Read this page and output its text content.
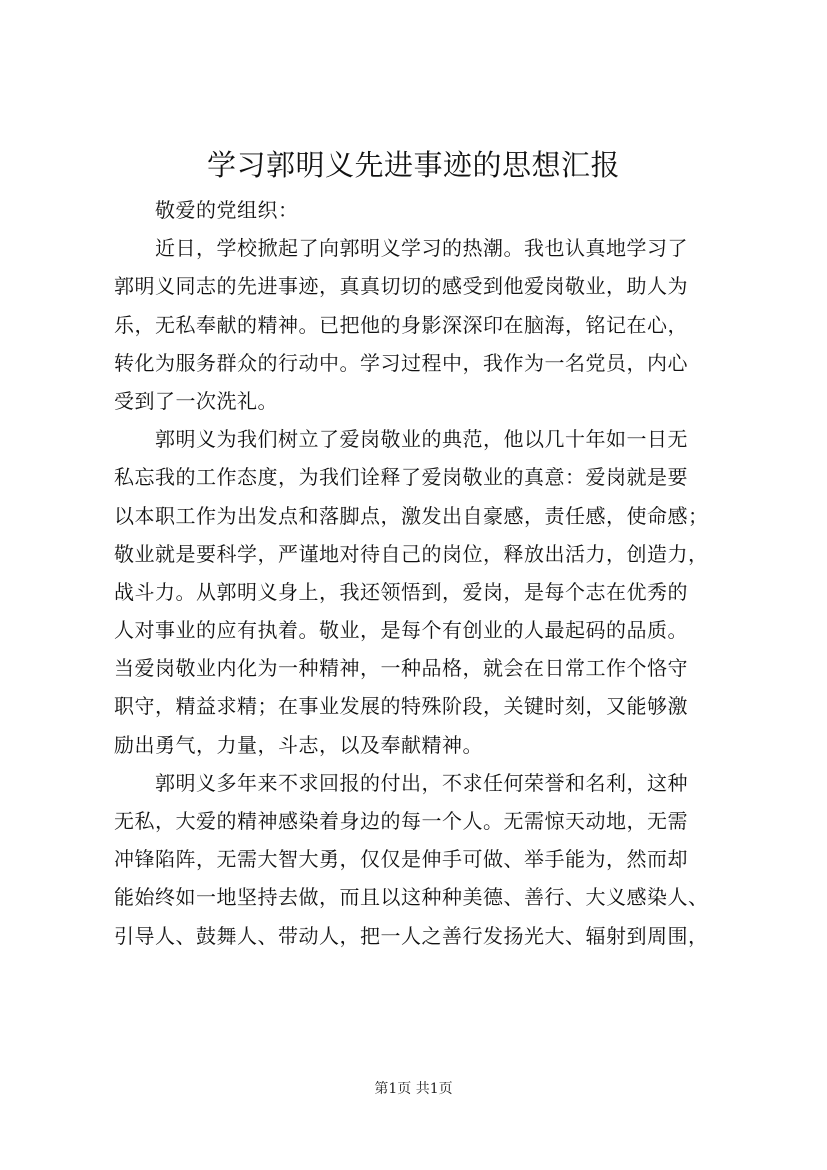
学习郭明义先进事迹的思想汇报
敬爱的党组织：
近日，学校掀起了向郭明义学习的热潮。我也认真地学习了
郭明义同志的先进事迹，真真切切的感受到他爱岗敬业，助人为
乐，无私奉献的精神。已把他的身影深深印在脑海，铭记在心，
转化为服务群众的行动中。学习过程中，我作为一名党员，内心
受到了一次洗礼。
郭明义为我们树立了爱岗敬业的典范，他以几十年如一日无
私忘我的工作态度，为我们诠释了爱岗敬业的真意：爱岗就是要
以本职工作为出发点和落脚点，激发出自豪感，责任感，使命感；
敬业就是要科学，严谨地对待自己的岗位，释放出活力，创造力，
战斗力。从郭明义身上，我还领悟到，爱岗，是每个志在优秀的
人对事业的应有执着。敬业，是每个有创业的人最起码的品质。
当爱岗敬业内化为一种精神，一种品格，就会在日常工作个恪守
职守，精益求精；在事业发展的特殊阶段，关键时刻，又能够激
励出勇气，力量，斗志，以及奉献精神。
郭明义多年来不求回报的付出，不求任何荣誉和名利，这种
无私，大爱的精神感染着身边的每一个人。无需惊天动地，无需
冲锋陷阵，无需大智大勇，仅仅是伸手可做、举手能为，然而却
能始终如一地坚持去做，而且以这种种美德、善行、大义感染人、
引导人、鼓舞人、带动人，把一人之善行发扬光大、辐射到周围，
第1页 共1页
